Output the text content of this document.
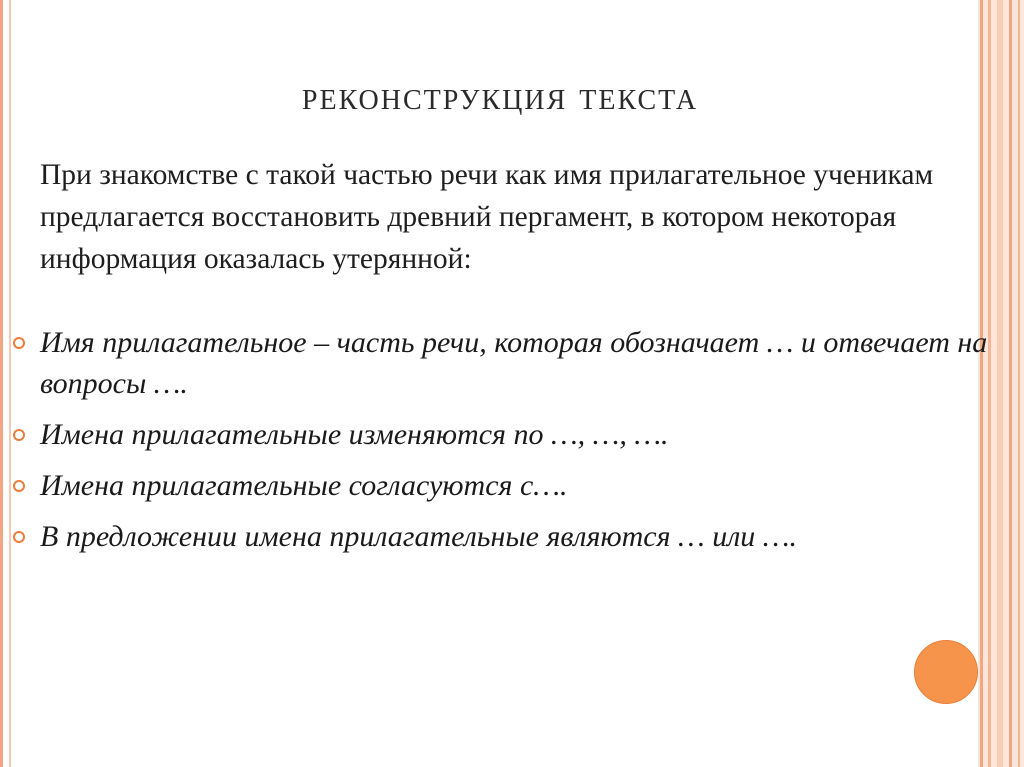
реконструкция текста
При знакомстве с такой частью речи как имя прилагательное ученикам предлагается восстановить древний пергамент, в котором некоторая информация оказалась утерянной:
Имя прилагательное – часть речи, которая обозначает … и отвечает на вопросы ….
Имена прилагательные изменяются по …, …, ….
Имена прилагательные согласуются с….
В предложении имена прилагательные являются … или ….
